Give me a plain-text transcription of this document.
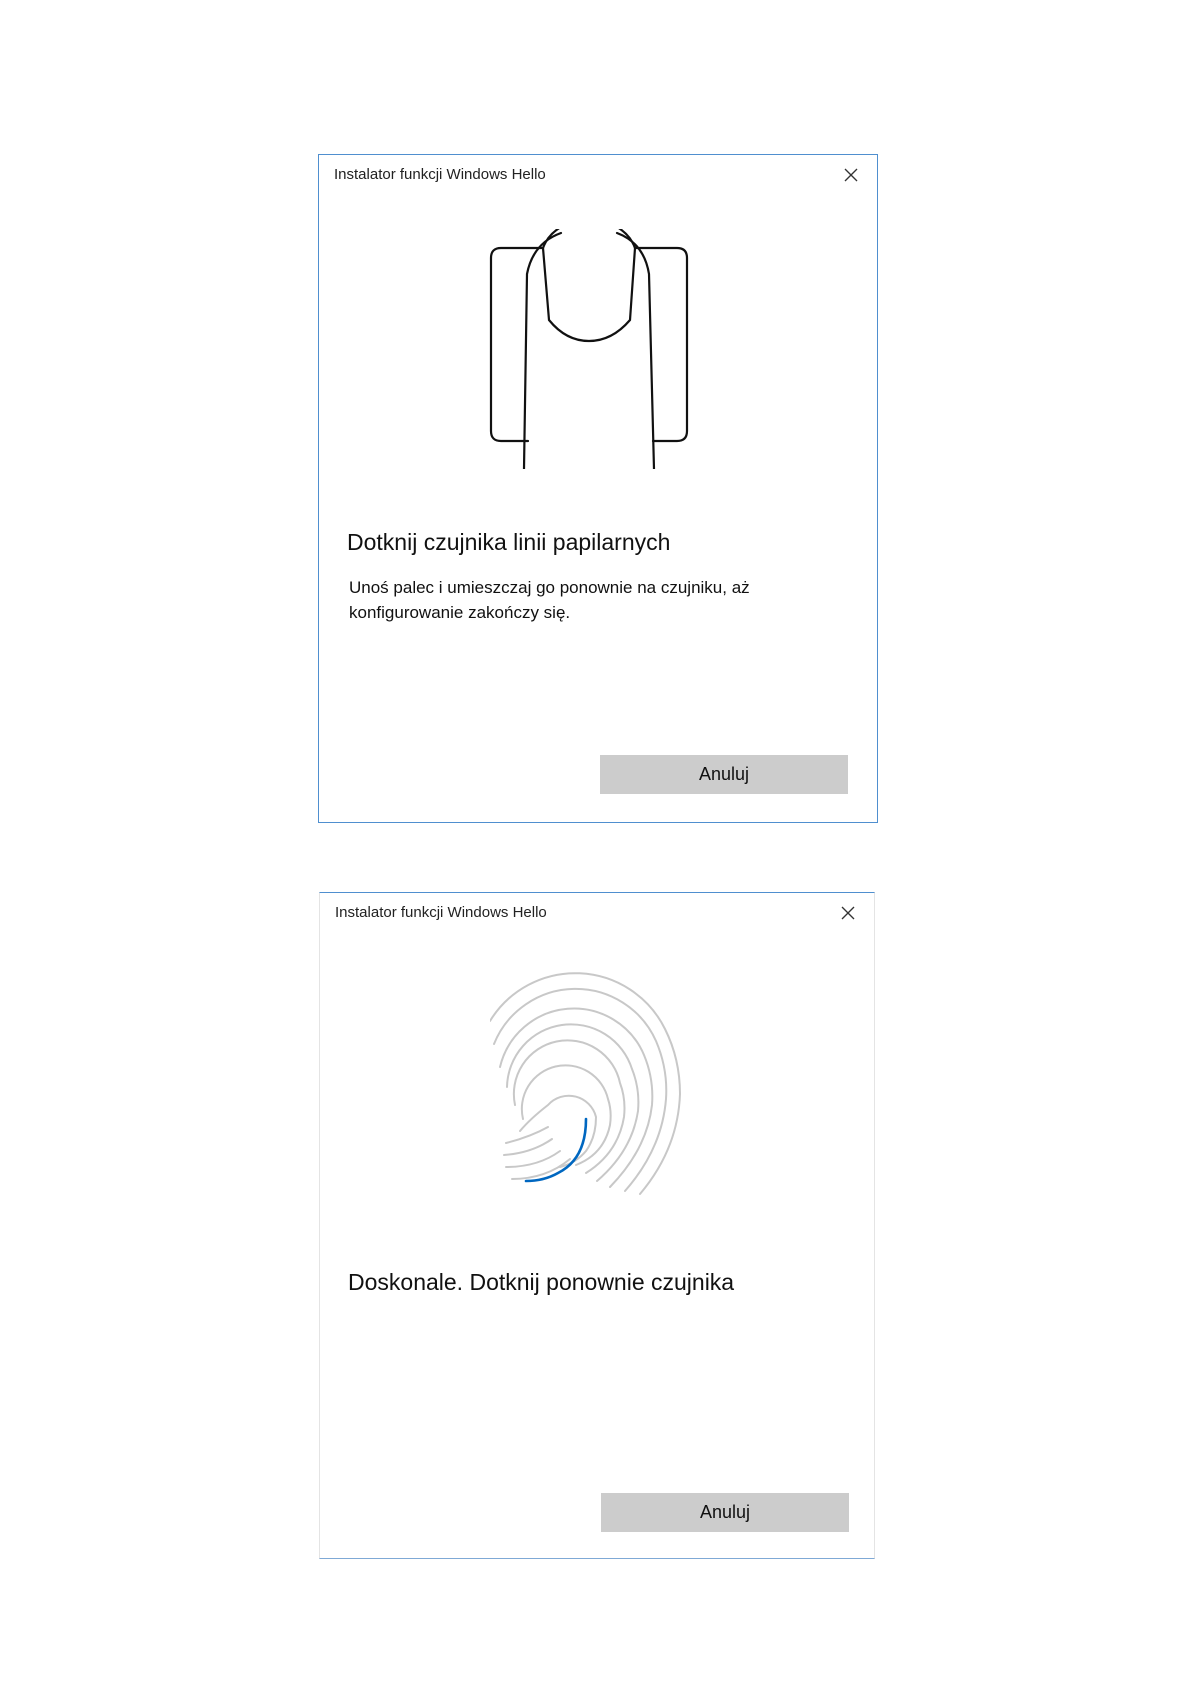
Instalator funkcji Windows Hello
Dotknij czujnika linii papilarnych

Unoś palec i umieszczaj go ponownie na czujniku, aż konfigurowanie zakończy się.

Anuluj
Instalator funkcji Windows Hello
Doskonale. Dotknij ponownie czujnika
Anuluj
